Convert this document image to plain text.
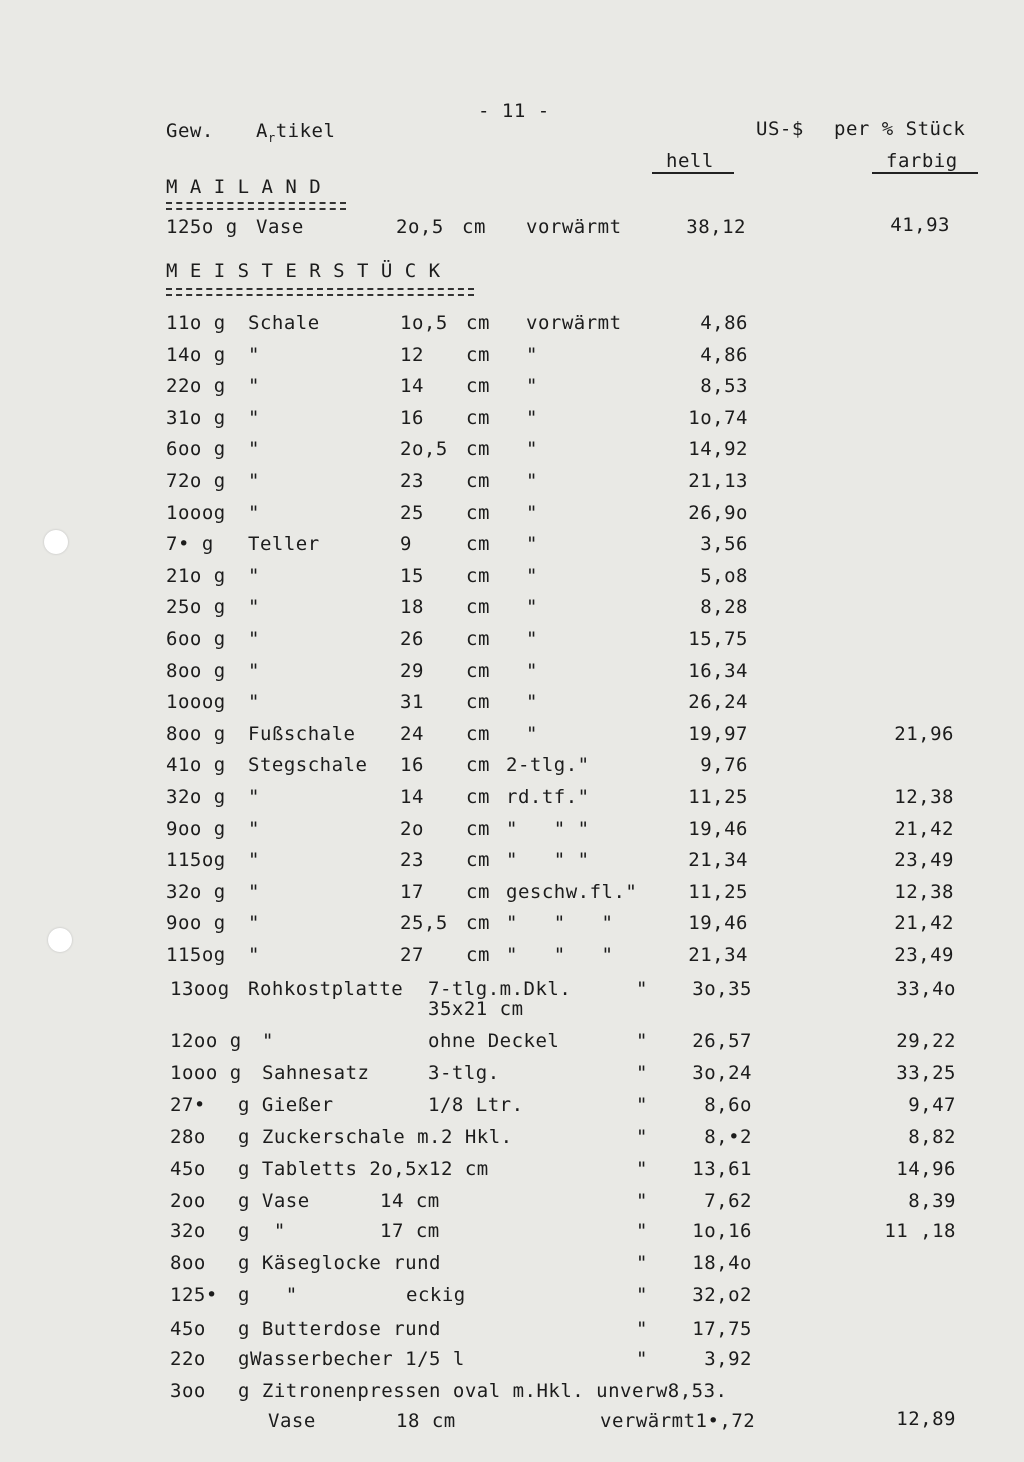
- 11 -
Gew. $A_rtikel$	US-$ per % Stück
hell	farbig
M A I L A N D
125o g Vase	2o,5 cm vorwärmt	38,12	41,93
M E I S T E R S T Ü C K
11o g Schale	1o,5 cm vorwärmt	4,86
14o g "	12 cm "	4,86
22o g "	14 cm "	8,53
31o g "	16 cm "	1o,74
6oo g "	2o,5 cm "	14,92
72o g "	23 cm "	21,13
1ooog "	25 cm "	26,9o
7• g Teller	9	cm "	3,56
21o g "	15 cm "	5,o8
25o g "	18 cm "	8,28
6oo g "	26 cm "	15,75
8oo g "	29 cm "	16,34
1ooog "	31 cm "	26,24
8oo g Fußschale 24 cm "	19,97	21,96
41o g Stegschale 16 cm 2-tlg."	9,76
32o g "	14 cm rd.tf."	11,25	12,38
9oo g "	2o cm "   " "	19,46	21,42
115og "	23 cm "   " "	21,34	23,49
32o g "	17 cm geschw.fl."	11,25	12,38
9oo g "	25,5 cm "   "   "	19,46	21,42
115og "	27 cm "   "   "	21,34	23,49
13oog Rohkostplatte 7-tlg.m.Dkl.
35x21 cm
"	3o,35	33,4o
12oo g "	ohne Deckel	"	26,57	29,22
1ooo g Sahnesatz	3-tlg.	"	3o,24	33,25
27• g Gießer	1/8 Ltr.	"	8,6o	9,47
28o g Zuckerschale m.2 Hkl.	"	8,•2	8,82
45o g Tabletts 2o,5x12 cm	"	13,61	14,96
2oo g Vase	14 cm	"	7,62	8,39
32o g  "	17 cm	"	1o,16	11 ,18
8oo g Käseglocke rund	"	18,4o
125• g   "	eckig	"	32,o2
45o g Butterdose rund	"	17,75
22o gWasserbecher 1/5 l	"	3,92
3oo g Zitronenpressen oval m.Hkl. unverw8,53.
Vase	18 cm	verwärmt1•,72	12,89
